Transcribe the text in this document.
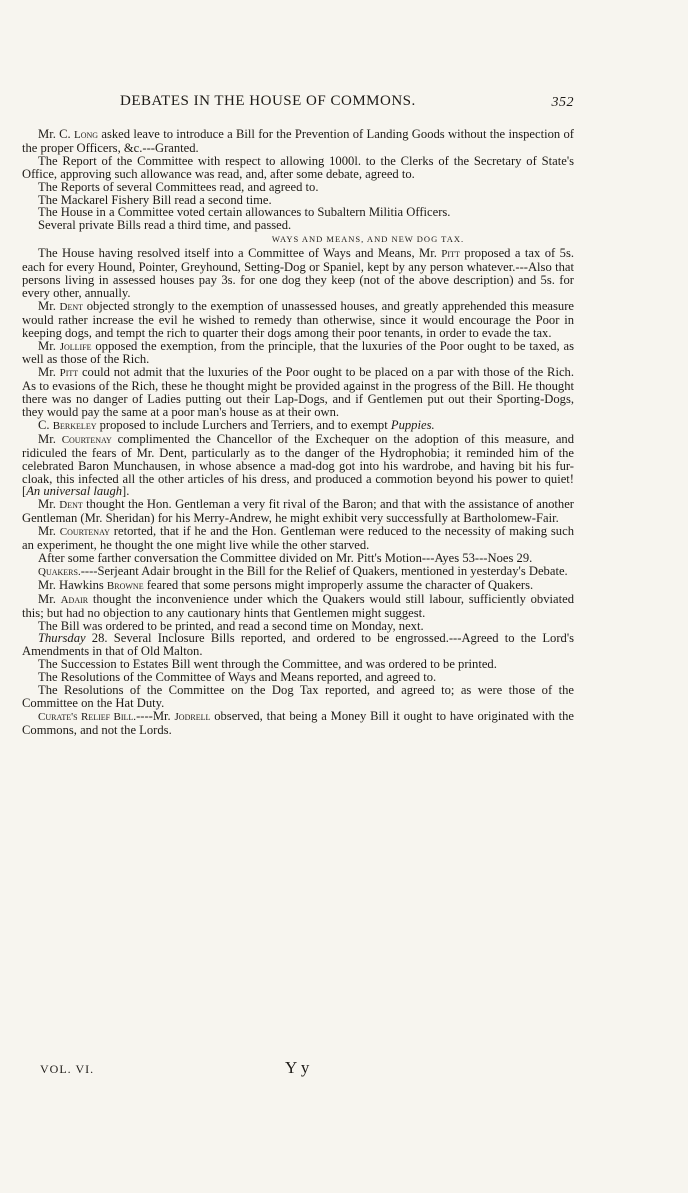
DEBATES IN THE HOUSE OF COMMONS.	352

Mr. C. Long asked leave to introduce a Bill for the Prevention of Landing Goods without the inspection of the proper Officers, &c.---Granted.

The Report of the Committee with respect to allowing 1000l. to the Clerks of the Secretary of State's Office, approving such allowance was read, and, after some debate, agreed to.

The Reports of several Committees read, and agreed to.

The Mackarel Fishery Bill read a second time.

The House in a Committee voted certain allowances to Subaltern Militia Officers.

Several private Bills read a third time, and passed.

WAYS AND MEANS, AND NEW DOG TAX.

The House having resolved itself into a Committee of Ways and Means, Mr. Pitt proposed a tax of 5s. each for every Hound, Pointer, Greyhound, Setting-Dog or Spaniel, kept by any person whatever.---Also that persons living in assessed houses pay 3s. for one dog they keep (not of the above description) and 5s. for every other, annually.

Mr. Dent objected strongly to the exemption of unassessed houses, and greatly apprehended this measure would rather increase the evil he wished to remedy than otherwise, since it would encourage the Poor in keeping dogs, and tempt the rich to quarter their dogs among their poor tenants, in order to evade the tax.

Mr. Jollife opposed the exemption, from the principle, that the luxuries of the Poor ought to be taxed, as well as those of the Rich.

Mr. Pitt could not admit that the luxuries of the Poor ought to be placed on a par with those of the Rich. As to evasions of the Rich, these he thought might be provided against in the progress of the Bill. He thought there was no danger of Ladies putting out their Lap-Dogs, and if Gentlemen put out their Sporting-Dogs, they would pay the same at a poor man's house as at their own.

C. Berkeley proposed to include Lurchers and Terriers, and to exempt Puppies.

Mr. Courtenay complimented the Chancellor of the Exchequer on the adoption of this measure, and ridiculed the fears of Mr. Dent, particularly as to the danger of the Hydrophobia; it reminded him of the celebrated Baron Munchausen, in whose absence a mad-dog got into his wardrobe, and having bit his fur-cloak, this infected all the other articles of his dress, and produced a commotion beyond his power to quiet! [An universal laugh].

Mr. Dent thought the Hon. Gentleman a very fit rival of the Baron; and that with the assistance of another Gentleman (Mr. Sheridan) for his Merry-Andrew, he might exhibit very successfully at Bartholomew-Fair.

Mr. Courtenay retorted, that if he and the Hon. Gentleman were reduced to the necessity of making such an experiment, he thought the one might live while the other starved.

After some farther conversation the Committee divided on Mr. Pitt's Motion---Ayes 53---Noes 29.

Quakers.----Serjeant Adair brought in the Bill for the Relief of Quakers, mentioned in yesterday's Debate.

Mr. Hawkins Browne feared that some persons might improperly assume the character of Quakers.

Mr. Adair thought the inconvenience under which the Quakers would still labour, sufficiently obviated this; but had no objection to any cautionary hints that Gentlemen might suggest.

The Bill was ordered to be printed, and read a second time on Monday, next.

Thursday 28. Several Inclosure Bills reported, and ordered to be engrossed.---Agreed to the Lord's Amendments in that of Old Malton.

The Succession to Estates Bill went through the Committee, and was ordered to be printed.

The Resolutions of the Committee of Ways and Means reported, and agreed to.

The Resolutions of the Committee on the Dog Tax reported, and agreed to; as were those of the Committee on the Hat Duty.

Curate's Relief Bill.----Mr. Jodrell observed, that being a Money Bill it ought to have originated with the Commons, and not the Lords.

VOL. VI.	Y y
